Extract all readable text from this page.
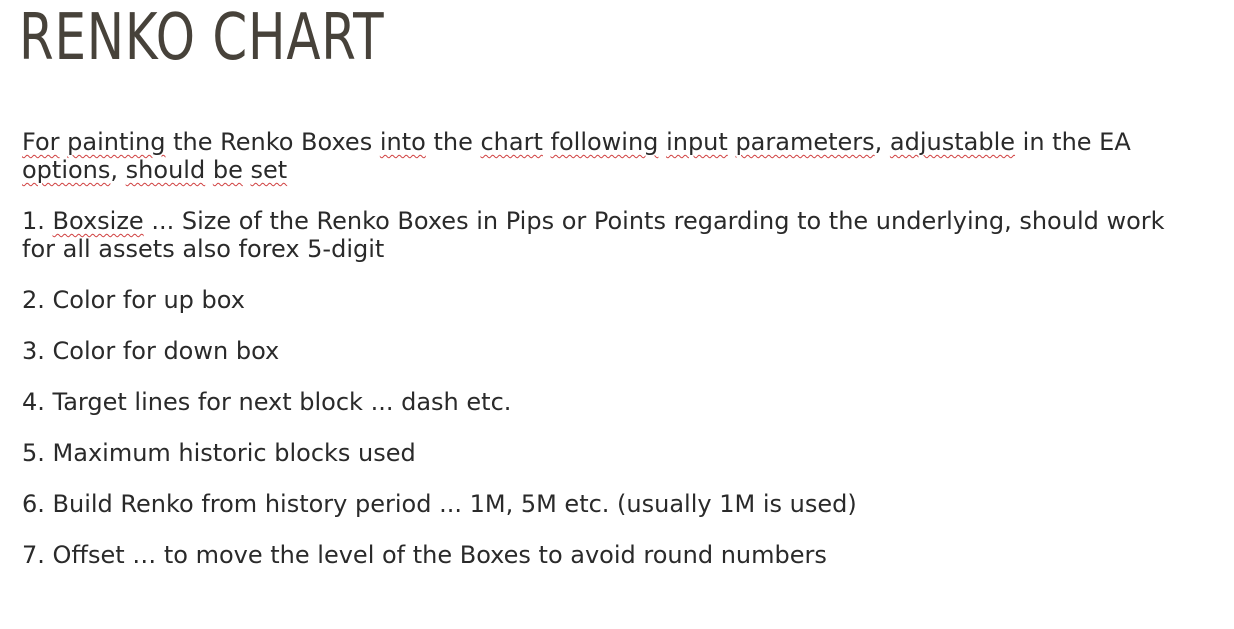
RENKO CHART

For painting the Renko Boxes into the chart following input parameters, adjustable in the EA options, should be set

1. Boxsize ... Size of the Renko Boxes in Pips or Points regarding to the underlying, should work for all assets also forex 5-digit

2. Color for up box

3. Color for down box

4. Target lines for next block ... dash etc.

5. Maximum historic blocks used

6. Build Renko from history period ... 1M, 5M etc. (usually 1M is used)

7. Offset … to move the level of the Boxes to avoid round numbers
